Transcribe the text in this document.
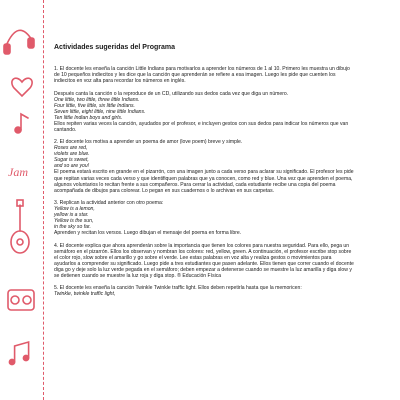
Jam
Actividades sugeridas del Programa

1. El docente les enseña la canción Little Indians para motivarlos a aprender los números de 1 al 10. Primero les muestra un dibujo de 10 pequeños indiecitos y les dice que la canción que aprenderán se refiere a esa imagen. Luego les pide que cuenten los indiecitos en voz alta para recordar los números en inglés.

Después canta la canción o la reproduce de un CD, utilizando sus dedos cada vez que diga un número.

One little, two little, three little Indians.

Four little, five little, six little Indians.

Seven little, eight little, nine little Indians.

Ten little Indian boys and girls.

Ellos repiten varias veces la canción, ayudados por el profesor, e incluyen gestos con sus dedos para indicar los números que van cantando.

2. El docente los motiva a aprender un poema de amor (love poem) breve y simple.

Roses are red,

violets are blue.

Sugar is sweet,

and so are you!

El poema estará escrito en grande en el pizarrón, con una imagen junto a cada verso para aclarar su significado. El profesor les pide que repitan varias veces cada verso y que identifiquen palabras que ya conocen, como red y blue. Una vez que aprenden el poema, algunos voluntarios lo recitan frente a sus compañeros. Para cerrar la actividad, cada estudiante recibe una copia del poema acompañada de dibujos para colorear. Lo pegan en sus cuadernos o lo archivan en sus carpetas.

3. Replican la actividad anterior con otro poema:

Yellow is a lemon,

yellow is a star.

Yellow is the sun,

in the sky so far.

Aprenden y recitan los versos. Luego dibujan el mensaje del poema en forma libre.

4. El docente explica que ahora aprenderán sobre la importancia que tienen los colores para nuestra seguridad. Para ello, pega un semáforo en el pizarrón. Ellos los observan y nombran los colores: red, yellow, green. A continuación, el profesor escribe stop sobre el color rojo, slow sobre el amarillo y go sobre el verde. Lee estas palabras en voz alta y realiza gestos o movimientos para ayudarlos a comprender su significado. Luego pide a tres estudiantes que pasen adelante. Ellos tienen que correr cuando el docente diga go y deje solo la luz verde pegada en el semáforo; deben empezar a detenerse cuando se muestre la luz amarilla y diga slow y se detienen cuando se muestre la luz roja y diga stop. ® Educación Física

5. El docente les enseña la canción Twinkle Twinkle traffic light. Ellos deben repetirla hasta que la memoricen:

Twinkle, twinkle traffic light,
